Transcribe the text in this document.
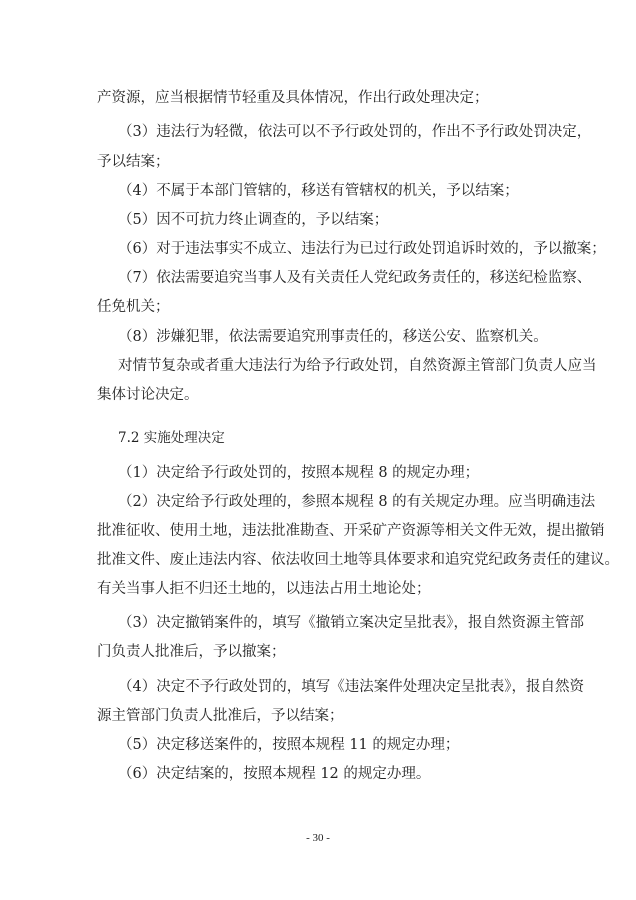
产资源，应当根据情节轻重及具体情况，作出行政处理决定；
（3）违法行为轻微，依法可以不予行政处罚的，作出不予行政处罚决定，
予以结案；
（4）不属于本部门管辖的，移送有管辖权的机关，予以结案；
（5）因不可抗力终止调查的，予以结案；
（6）对于违法事实不成立、违法行为已过行政处罚追诉时效的，予以撤案；
（7）依法需要追究当事人及有关责任人党纪政务责任的，移送纪检监察、
任免机关；
（8）涉嫌犯罪，依法需要追究刑事责任的，移送公安、监察机关。
对情节复杂或者重大违法行为给予行政处罚，自然资源主管部门负责人应当
集体讨论决定。
7.2 实施处理决定
（1）决定给予行政处罚的，按照本规程 8 的规定办理；
（2）决定给予行政处理的，参照本规程 8 的有关规定办理。应当明确违法
批准征收、使用土地，违法批准勘查、开采矿产资源等相关文件无效，提出撤销
批准文件、废止违法内容、依法收回土地等具体要求和追究党纪政务责任的建议。
有关当事人拒不归还土地的，以违法占用土地论处；
（3）决定撤销案件的，填写《撤销立案决定呈批表》，报自然资源主管部
门负责人批准后，予以撤案；
（4）决定不予行政处罚的，填写《违法案件处理决定呈批表》，报自然资
源主管部门负责人批准后，予以结案；
（5）决定移送案件的，按照本规程 11 的规定办理；
（6）决定结案的，按照本规程 12 的规定办理。
- 30 -
